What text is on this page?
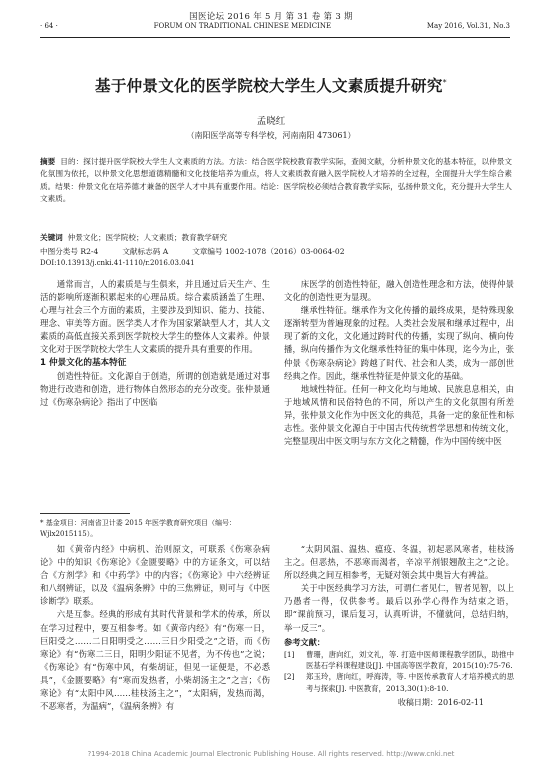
国医论坛 2016 年 5 月 第 31 卷 第 3 期
· 64 ·	FORUM ON TRADITIONAL CHINESE MEDICINE	May 2016, Vol.31, No.3
基于仲景文化的医学院校大学生人文素质提升研究*
孟晓红
（南阳医学高等专科学校，河南南阳 473061）
摘要 目的：探讨提升医学院校大学生人文素质的方法。方法：结合医学院校教育教学实际，查阅文献，分析仲景文化的基本特征，以仲景文化氛围为依托，以仲景文化思想道德精髓和文化技能培养为重点，将人文素质教育融入医学院校人才培养的全过程，全面提升大学生综合素质。结果：仲景文化在培养德才兼备的医学人才中具有重要作用。结论：医学院校必须结合教育教学实际，弘扬仲景文化，充分提升大学生人文素质。
关键词 仲景文化；医学院校；人文素质；教育教学研究
中图分类号 R2-4	文献标志码 A	文章编号 1002-1078（2016）03-0064-02
DOI:10.13913/j.cnki.41-1110/r.2016.03.041

通常而言，人的素质是与生俱来，并且通过后天生产、生活的影响所逐渐积累起来的心理品质。综合素质涵盖了生理、心理与社会三个方面的素质，主要涉及到知识、能力、技能、理念、审美等方面。医学类人才作为国家紧缺型人才，其人文素质的高低直接关系到医学院校大学生的整体人文素养。仲景文化对于医学院校大学生人文素质的提升具有重要的作用。

1 仲景文化的基本特征

创造性特征。文化源自于创造，所谓的创造就是通过对事物进行改造和创造，进行物体自然形态的充分改变。张仲景通过《伤寒杂病论》指出了中医临

床医学的创造性特征，融入创造性理念和方法，使得仲景文化的创造性更为显现。

继承性特征。继承作为文化传播的最终成果，是特殊现象逐渐转型为普遍现象的过程。人类社会发展和继承过程中，出现了新的文化，文化通过跨时代的传播，实现了纵向、横向传播，纵向传播作为文化继承性特征的集中体现，迄今为止，张仲景《伤寒杂病论》跨越了时代、社会和人类，成为一部创世经典之作。因此，继承性特征是仲景文化的基础。

地域性特征。任何一种文化均与地域、民族息息相关，由于地域风情和民俗特色的不同，所以产生的文化氛围有所差异，张仲景文化作为中医文化的典范，具备一定的象征性和标志性。张仲景文化源自于中国古代传统哲学思想和传统文化，完整显现出中医文明与东方文化之精髓，作为中国传统中医

* 基金项目：河南省卫计委 2015 年医学教育研究项目（编号：Wjlx2015115）。

如《黄帝内经》中病机、治则原文，可联系《伤寒杂病论》中的知识《伤寒论》《金匮要略》中的方证条文，可以结合《方剂学》和《中药学》中的内容；《伤寒论》中六经辨证和八纲辨证，以及《温病条辨》中的三焦辨证，则可与《中医诊断学》联系。

六是互参。经典的形成有其时代背景和学术的传承，所以在学习过程中，要互相参考。如《黄帝内经》有“伤寒一日，巨阳受之……二日阳明受之……三日少阳受之”之语，而《伤寒论》有“伤寒二三日，阳明少阳证不见者，为不传也”之说；《伤寒论》有“伤寒中风，有柴胡证，但见一证便是，不必悉具”，《金匮要略》有“寒而发热者，小柴胡汤主之”之言；《伤寒论》有“太阳中风……桂枝汤主之”，“太阳病，发热而渴，不恶寒者，为温病”，《温病条辨》有

“太阴风温、温热、瘟疫、冬温，初起恶风寒者，桂枝汤主之。但恶热，不恶寒而渴者，辛凉平剂银翘散主之”之论。所以经典之间互相参考，无疑对领会其中奥旨大有裨益。

关于中医经典学习方法，可谓仁者见仁，智者见智，以上乃愚者一得，仅供参考。最后以孙学心得作为结束之语，即“课前预习，课后复习，认真听讲，不懂就问，总结归纳，举一反三”。

参考文献：
[1]	曹珊，唐向红，刘文礼，等. 打造中医师课程教学团队，助推中医基石学科课程建设[J]. 中国高等医学教育，2015(10):75-76.
[2]	郑玉玲，唐向红，呼海涛，等. 中医传承教育人才培养模式的思考与探索[J]. 中医教育，2013,30(1):8-10.
收稿日期：2016-02-11
?1994-2018 China Academic Journal Electronic Publishing House. All rights reserved. http://www.cnki.net
